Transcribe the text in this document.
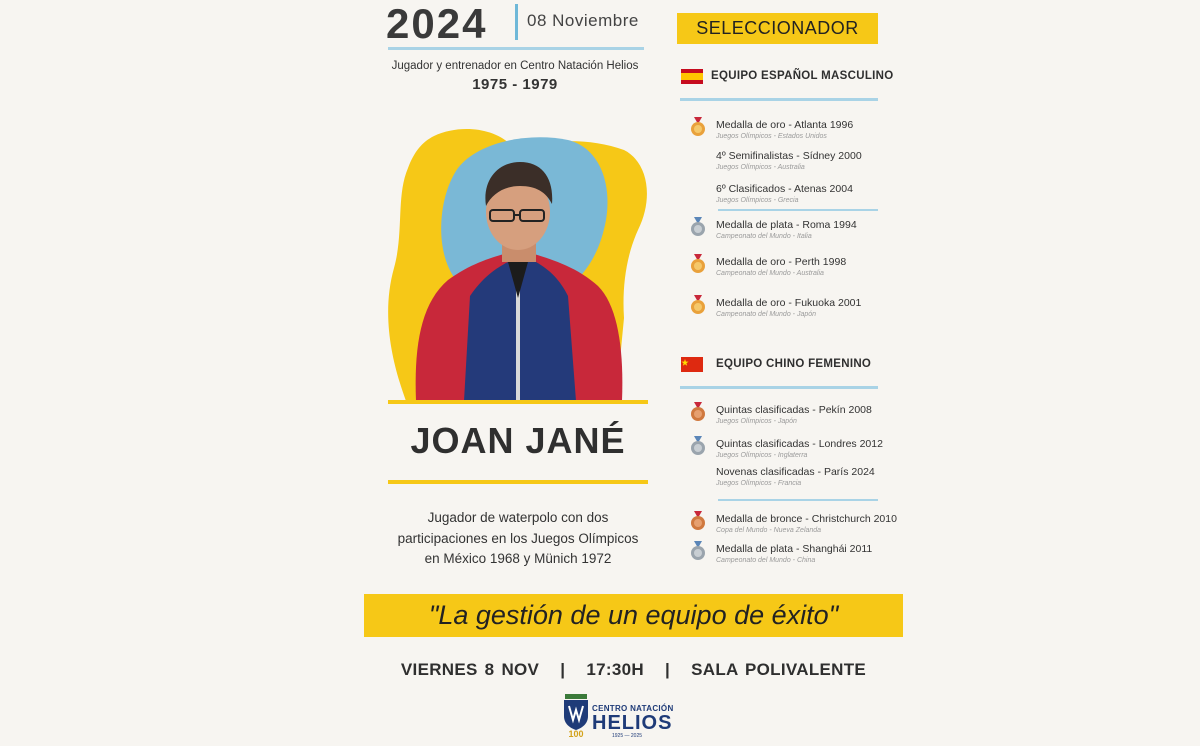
2024 08 Noviembre
Jugador y entrenador en Centro Natación Helios
1975 - 1979
JOAN JANÉ
Jugador de waterpolo con dos
participaciones en los Juegos Olímpicos
en México 1968 y Münich 1972
SELECCIONADOR
EQUIPO ESPAÑOL MASCULINO
Medalla de oro - Atlanta 1996
Juegos Olímpicos - Estados Unidos
4º Semifinalistas - Sídney 2000
Juegos Olímpicos - Australia
6º Clasificados - Atenas 2004
Juegos Olímpicos - Grecia
Medalla de plata - Roma 1994
Campeonato del Mundo - Italia
Medalla de oro - Perth 1998
Campeonato del Mundo - Australia
Medalla de oro - Fukuoka 2001
Campeonato del Mundo - Japón
EQUIPO CHINO FEMENINO
Quintas clasificadas - Pekín 2008
Juegos Olímpicos - Japón
Quintas clasificadas - Londres 2012
Juegos Olímpicos - Inglaterra
Novenas clasificadas - París 2024
Juegos Olímpicos - Francia
Medalla de bronce - Christchurch 2010
Copa del Mundo - Nueva Zelanda
Medalla de plata - Shanghái 2011
Campeonato del Mundo - China
"La gestión de un equipo de éxito"
VIERNES 8 NOV   |   17:30H   |   SALA POLIVALENTE
100
CENTRO NATACIÓN
HELIOS
1925 — 2025
